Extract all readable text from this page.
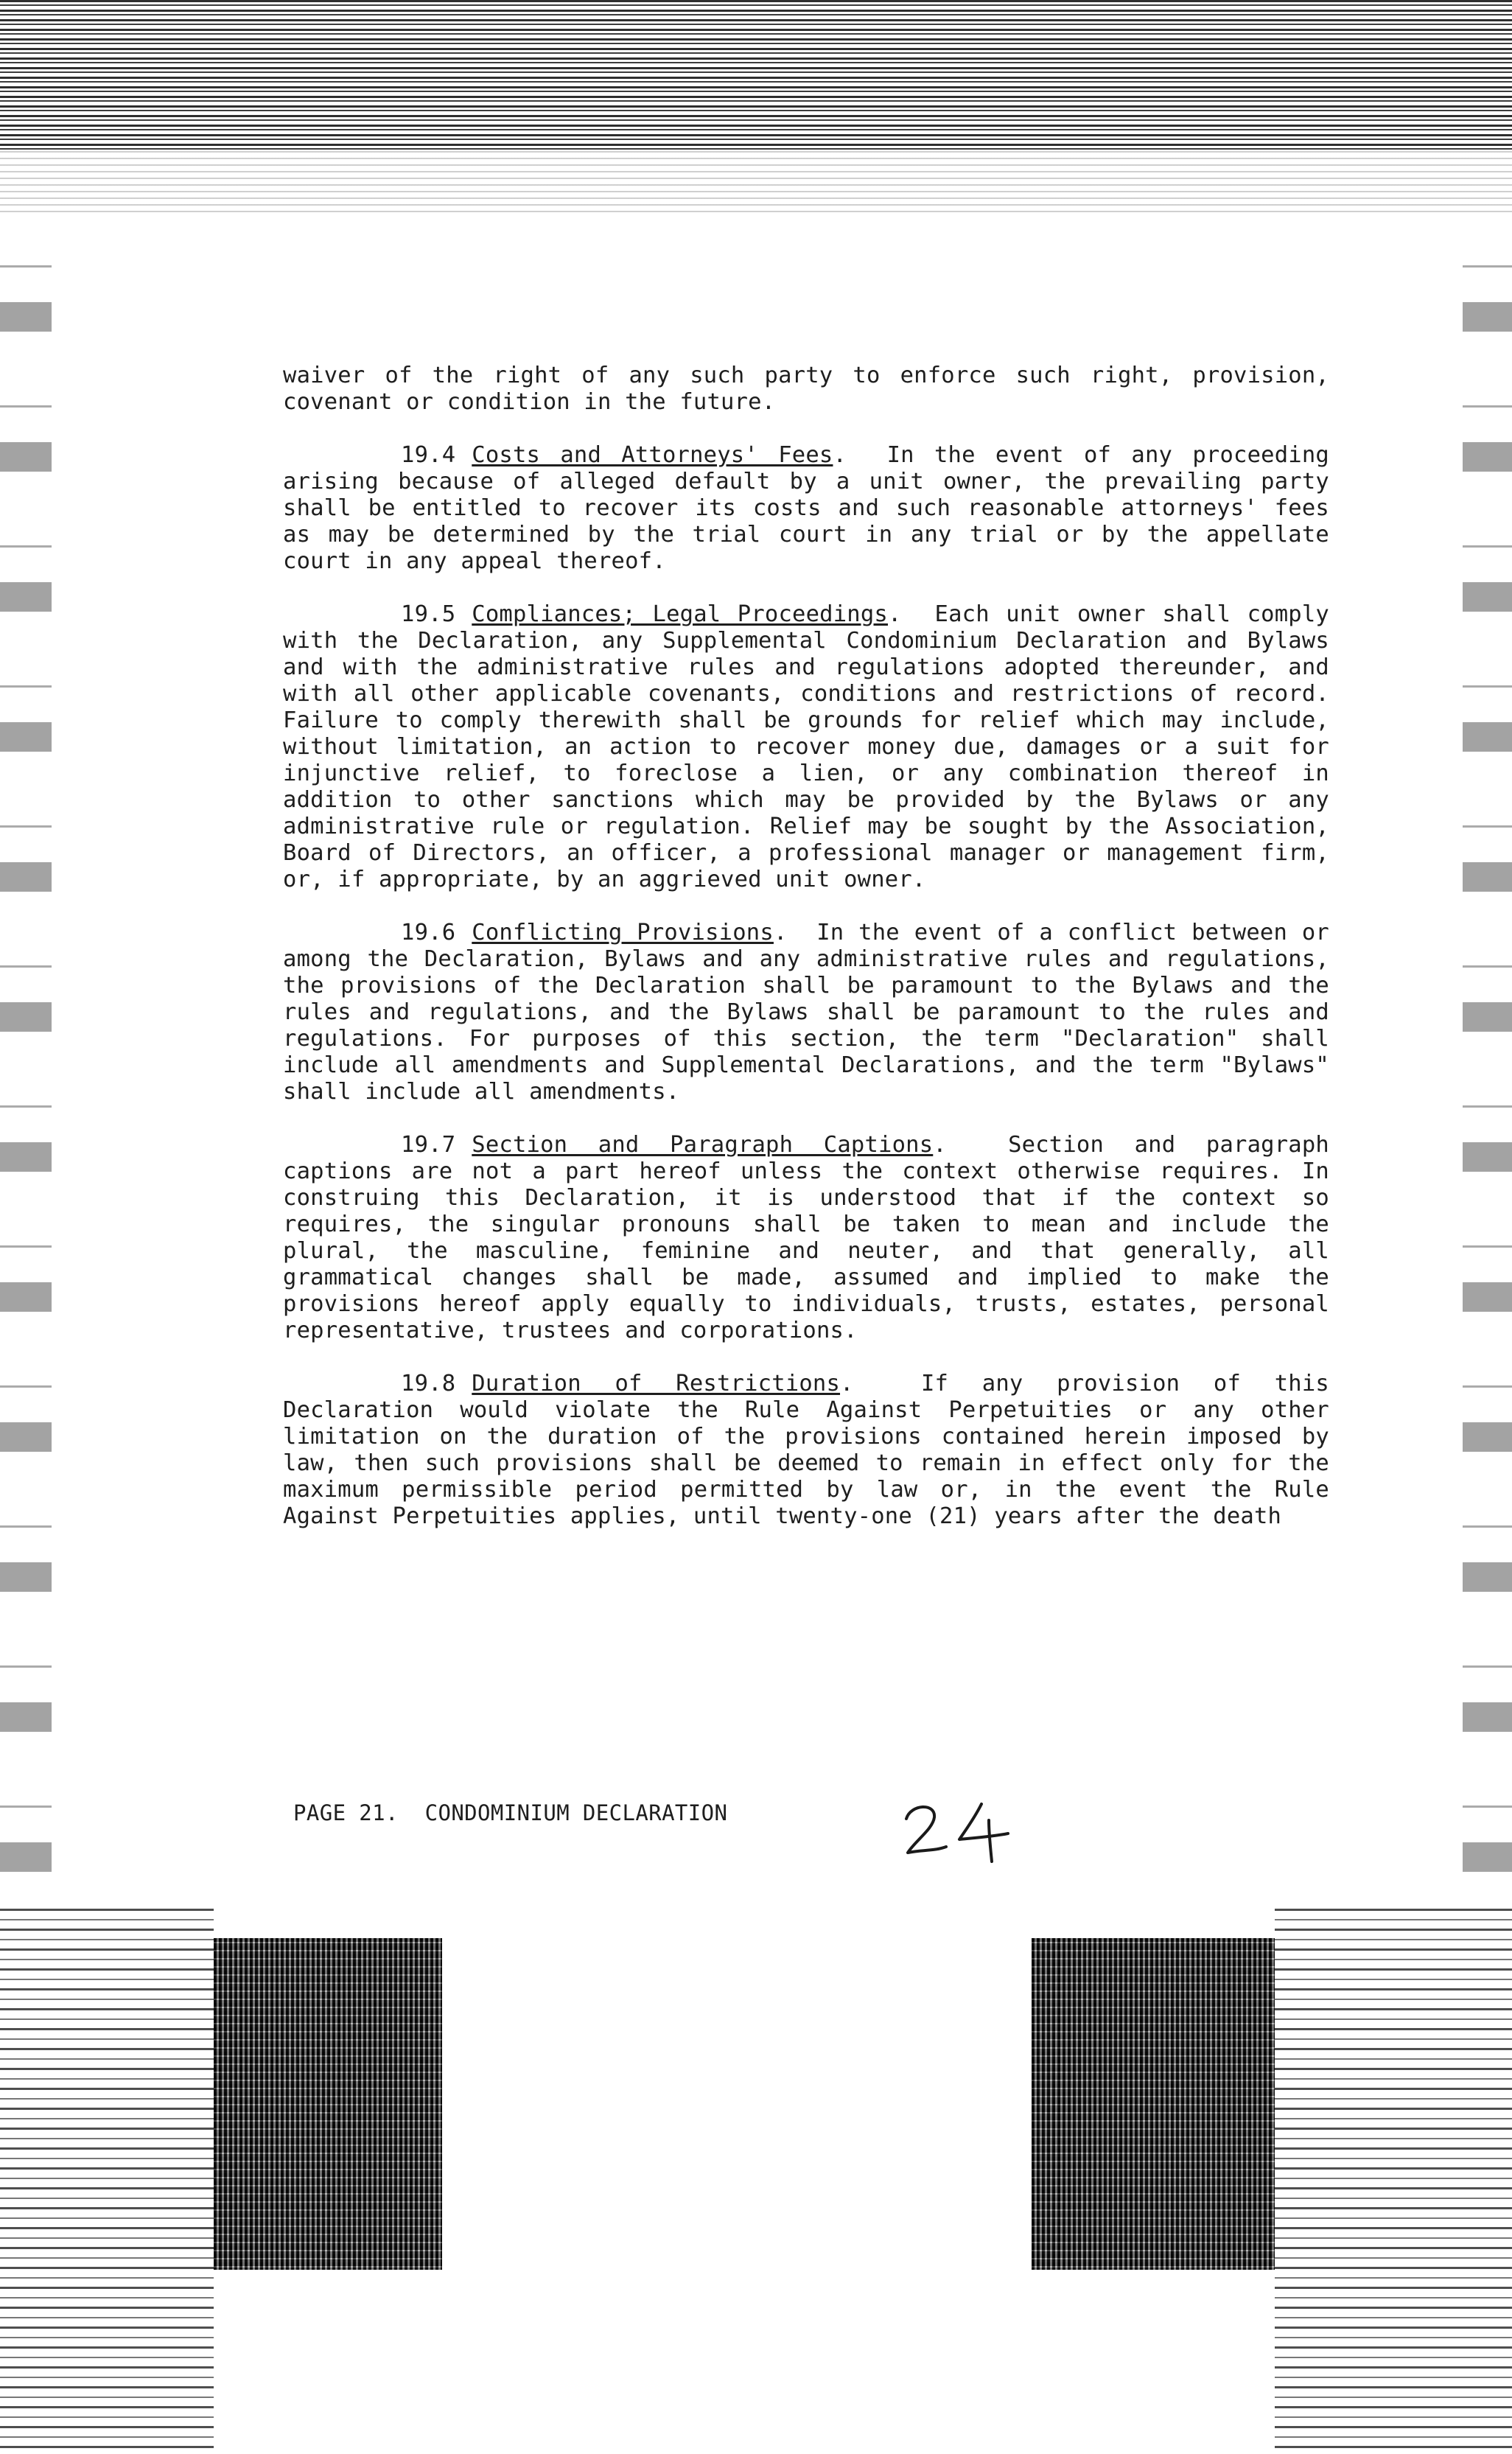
waiver of the right of any such party to enforce such right, provision, covenant or condition in the future.

19.4 Costs and Attorneys' Fees.  In the event of any proceeding arising because of alleged default by a unit owner, the prevailing party shall be entitled to recover its costs and such reasonable attorneys' fees as may be determined by the trial court in any trial or by the appellate court in any appeal thereof.

19.5 Compliances; Legal Proceedings.  Each unit owner shall comply with the Declaration, any Supplemental Condominium Declaration and Bylaws and with the administrative rules and regulations adopted thereunder, and with all other applicable covenants, conditions and restrictions of record. Failure to comply therewith shall be grounds for relief which may include, without limitation, an action to recover money due, damages or a suit for injunctive relief, to foreclose a lien, or any combination thereof in addition to other sanctions which may be provided by the Bylaws or any administrative rule or regulation. Relief may be sought by the Association, Board of Directors, an officer, a professional manager or management firm, or, if appropriate, by an aggrieved unit owner.

19.6 Conflicting Provisions.  In the event of a conflict between or among the Declaration, Bylaws and any administrative rules and regulations, the provisions of the Declaration shall be paramount to the Bylaws and the rules and regulations, and the Bylaws shall be paramount to the rules and regulations. For purposes of this section, the term "Declaration" shall include all amendments and Supplemental Declarations, and the term "Bylaws" shall include all amendments.

19.7 Section and Paragraph Captions.  Section and paragraph captions are not a part hereof unless the context otherwise requires. In construing this Declaration, it is understood that if the context so requires, the singular pronouns shall be taken to mean and include the plural, the masculine, feminine and neuter, and that generally, all grammatical changes shall be made, assumed and implied to make the provisions hereof apply equally to individuals, trusts, estates, personal representative, trustees and corporations.

19.8 Duration of Restrictions.  If any provision of this Declaration would violate the Rule Against Perpetuities or any other limitation on the duration of the provisions contained herein imposed by law, then such provisions shall be deemed to remain in effect only for the maximum permissible period permitted by law or, in the event the Rule Against Perpetuities applies, until twenty-one (21) years after the death

PAGE 21.  CONDOMINIUM DECLARATION
